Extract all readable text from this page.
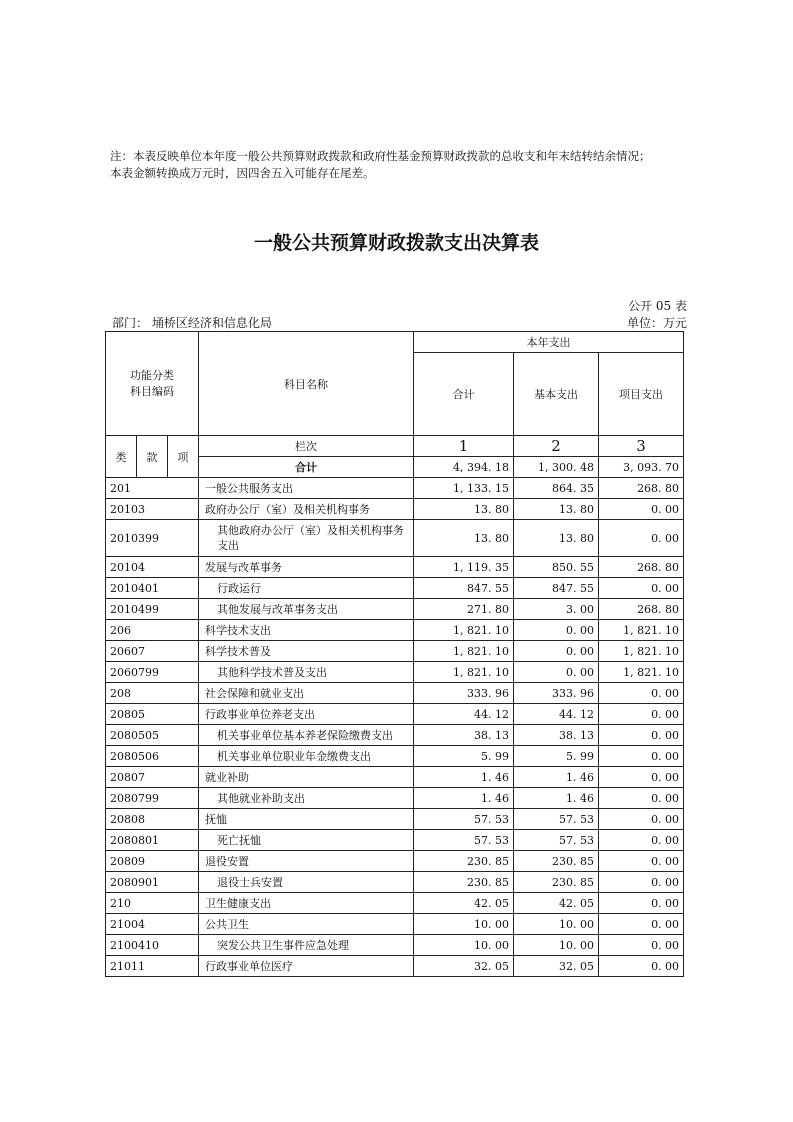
注：本表反映单位本年度一般公共预算财政拨款和政府性基金预算财政拨款的总收支和年末结转结余情况；
本表金额转换成万元时，因四舍五入可能存在尾差。
一般公共预算财政拨款支出决算表
公开 05 表
部门： 埇桥区经济和信息化局	单位：万元
功能分类
科目编码			科目名称	本年支出		
				合计	基本支出	项目支出
类	款	项	栏次	1	2	3
			合计	4, 394. 18	1, 300. 48	3, 093. 70
201			一般公共服务支出	1, 133. 15	864. 35	268. 80
20103			政府办公厅（室）及相关机构事务	13. 80	13. 80	0. 00
2010399			其他政府办公厅（室）及相关机构事务支出	13. 80	13. 80	0. 00
20104			发展与改革事务	1, 119. 35	850. 55	268. 80
2010401			行政运行	847. 55	847. 55	0. 00
2010499			其他发展与改革事务支出	271. 80	3. 00	268. 80
206			科学技术支出	1, 821. 10	0. 00	1, 821. 10
20607			科学技术普及	1, 821. 10	0. 00	1, 821. 10
2060799			其他科学技术普及支出	1, 821. 10	0. 00	1, 821. 10
208			社会保障和就业支出	333. 96	333. 96	0. 00
20805			行政事业单位养老支出	44. 12	44. 12	0. 00
2080505			机关事业单位基本养老保险缴费支出	38. 13	38. 13	0. 00
2080506			机关事业单位职业年金缴费支出	5. 99	5. 99	0. 00
20807			就业补助	1. 46	1. 46	0. 00
2080799			其他就业补助支出	1. 46	1. 46	0. 00
20808			抚恤	57. 53	57. 53	0. 00
2080801			死亡抚恤	57. 53	57. 53	0. 00
20809			退役安置	230. 85	230. 85	0. 00
2080901			退役士兵安置	230. 85	230. 85	0. 00
210			卫生健康支出	42. 05	42. 05	0. 00
21004			公共卫生	10. 00	10. 00	0. 00
2100410			突发公共卫生事件应急处理	10. 00	10. 00	0. 00
21011			行政事业单位医疗	32. 05	32. 05	0. 00
